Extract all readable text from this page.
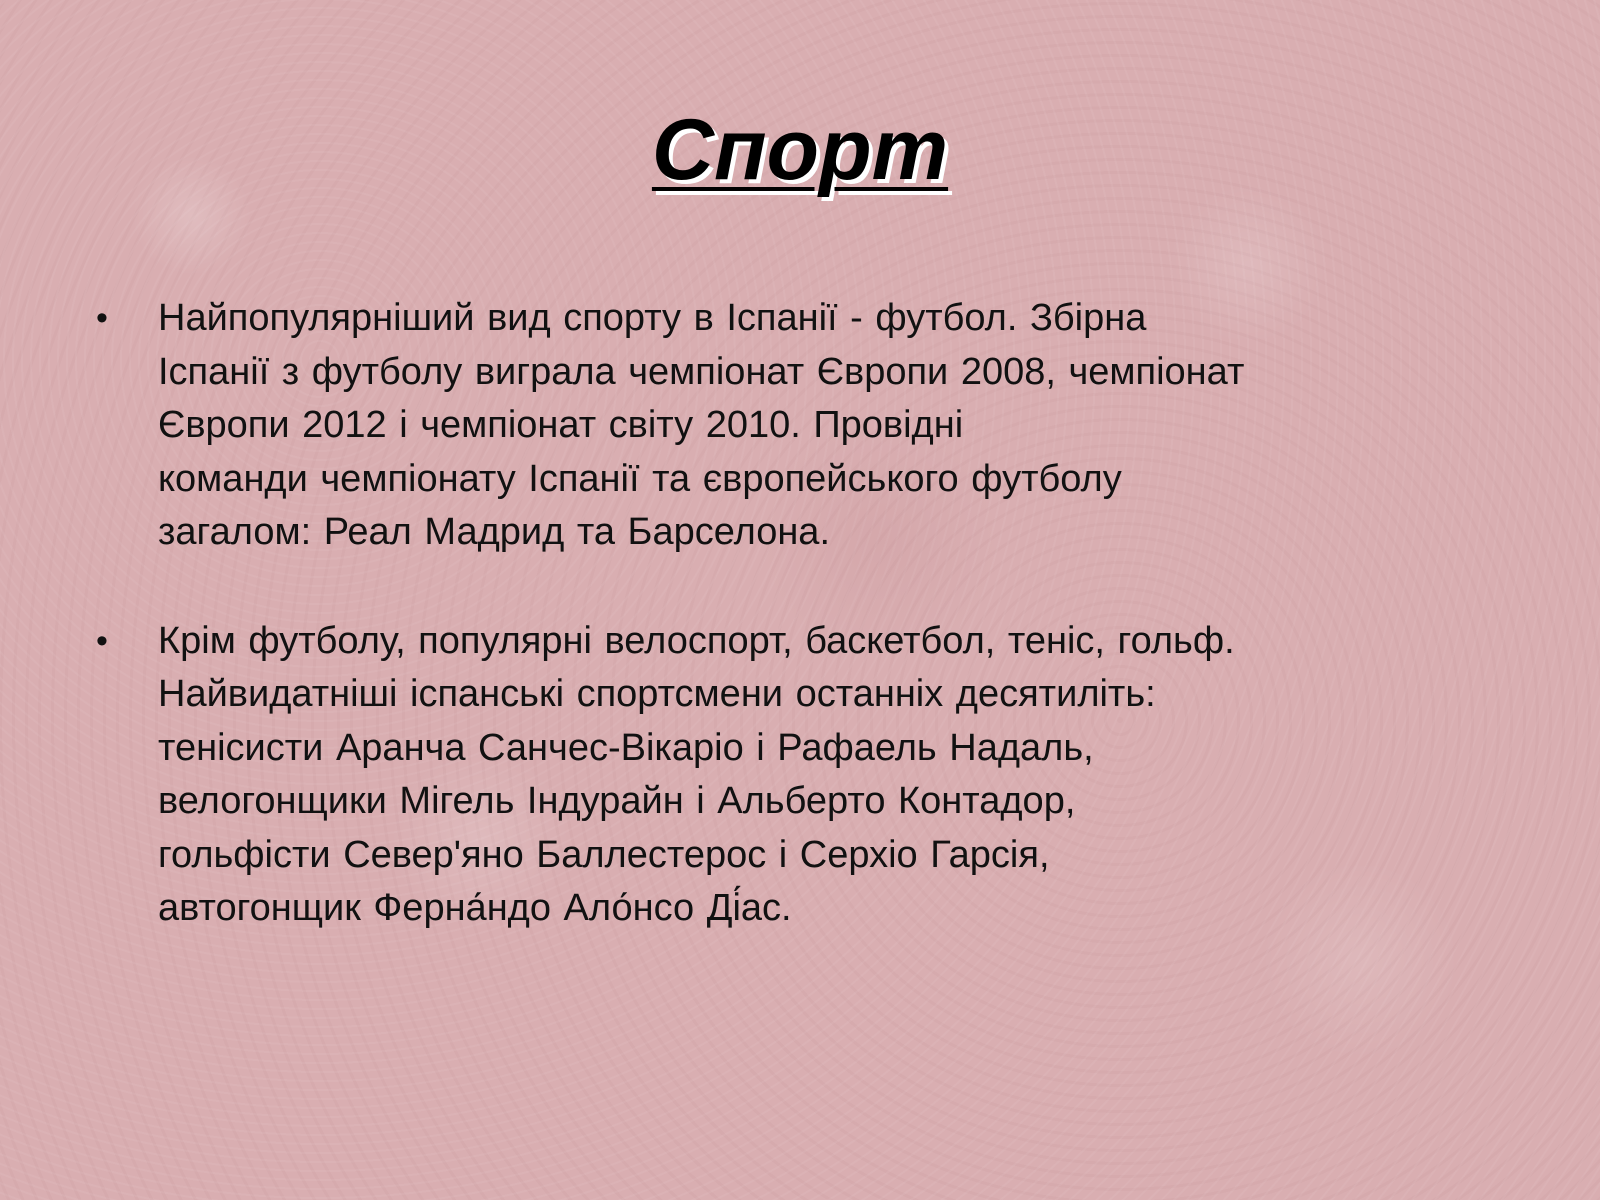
Спорт
•	Найпопулярніший вид спорту в Іспанії - футбол. Збірна
Іспанії з футболу виграла чемпіонат Європи 2008, чемпіонат
Європи 2012 і чемпіонат світу 2010. Провідні
команди чемпіонату Іспанії та європейського футболу
загалом: Реал Мадрид та Барселона.
•	Крім футболу, популярні велоспорт, баскетбол, теніс, гольф.
Найвидатніші іспанські спортсмени останніх десятиліть:
тенісисти Аранча Санчес-Вікаріо і Рафаель Надаль,
велогонщики Мігель Індурайн і Альберто Контадор,
гольфісти Север'яно Баллестерос і Серхіо Гарсія,
автогонщик Ферна́ндо Ало́нсо Ді́ас.
